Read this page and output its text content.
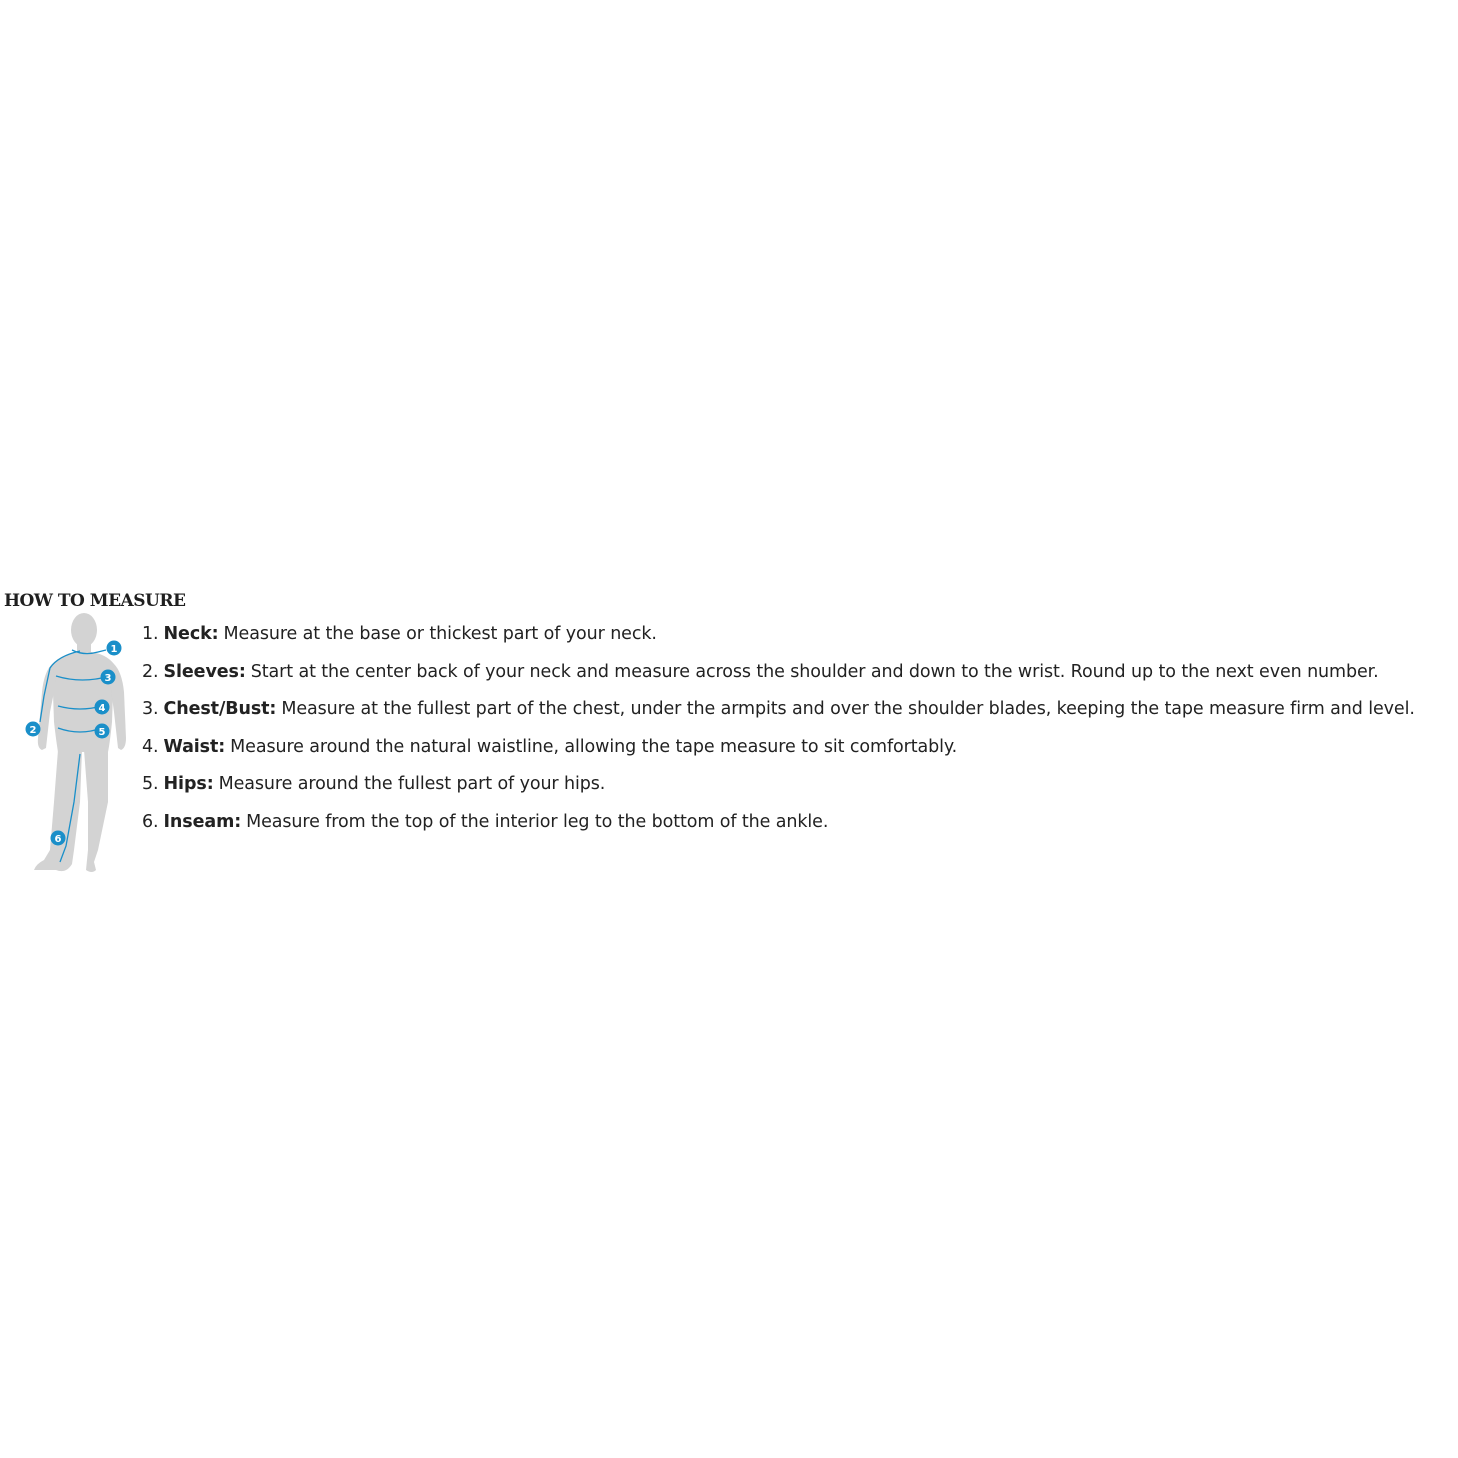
HOW TO MEASURE
1
3
4
5
2
6
1. Neck: Measure at the base or thickest part of your neck.
2. Sleeves: Start at the center back of your neck and measure across the shoulder and down to the wrist. Round up to the next even number.
3. Chest/Bust: Measure at the fullest part of the chest, under the armpits and over the shoulder blades, keeping the tape measure firm and level.
4. Waist: Measure around the natural waistline, allowing the tape measure to sit comfortably.
5. Hips: Measure around the fullest part of your hips.
6. Inseam: Measure from the top of the interior leg to the bottom of the ankle.
